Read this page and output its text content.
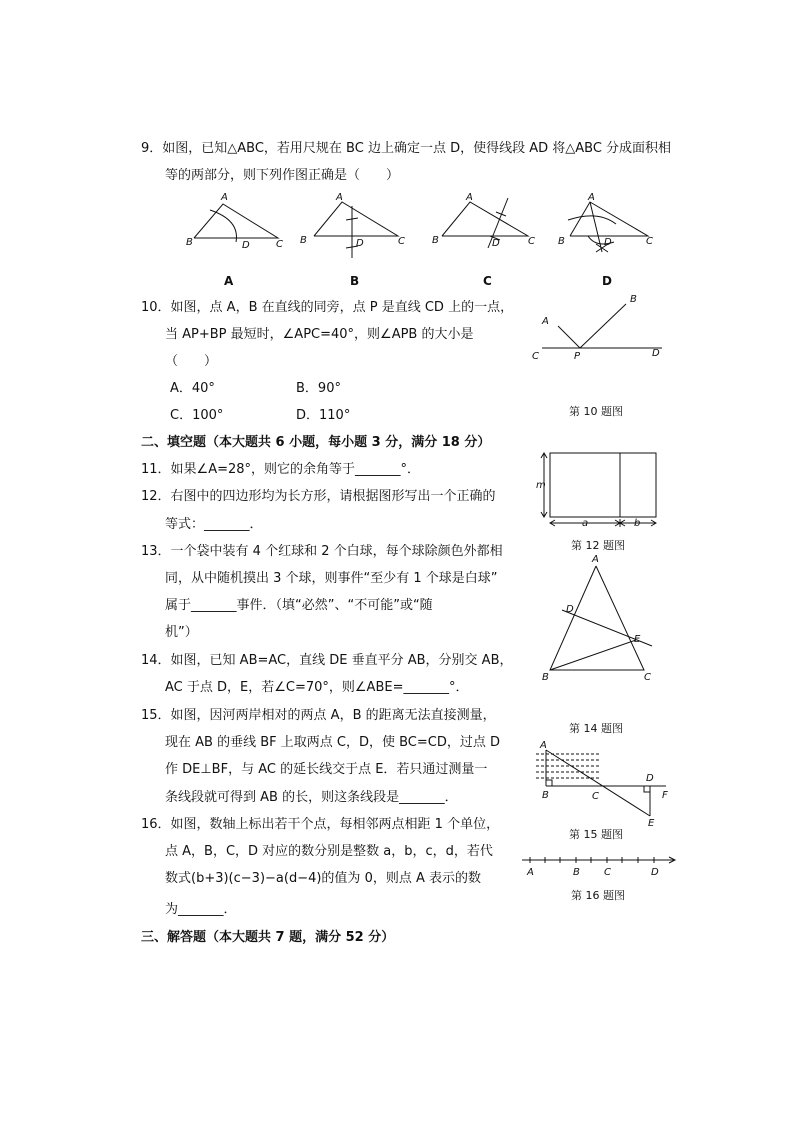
9．如图，已知△ABC，若用尺规在 BC 边上确定一点 D，使得线段 AD 将△ABC 分成面积相
等的两部分，则下列作图正确是（　　）
A
B	C
D
A
B	C
D
A
B	C
D
A
B	C
D
A	B	C	D
10．如图，点 A，B 在直线的同旁，点 P 是直线 CD 上的一点，
当 AP+BP 最短时，∠APC=40°，则∠APB 的大小是
（　　）
A．40°	B．90°
C．100°	D．110°
A
B
C	P	D
第 10 题图
二、填空题（本大题共 6 小题，每小题 3 分，满分 18 分）
11．如果∠A=28°，则它的余角等于_______°．
12．右图中的四边形均为长方形，请根据图形写出一个正确的
等式：_______．
m
a	b
第 12 题图
13．一个袋中装有 4 个红球和 2 个白球，每个球除颜色外都相
同，从中随机摸出 3 个球，则事件“至少有 1 个球是白球”
属于_______事件．（填“必然”、“不可能”或“随
机”）
14．如图，已知 AB=AC，直线 DE 垂直平分 AB，分别交 AB，
AC 于点 D，E，若∠C=70°，则∠ABE=_______°．
A
D
E
B	C
第 14 题图
15．如图，因河两岸相对的两点 A，B 的距离无法直接测量，
现在 AB 的垂线 BF 上取两点 C，D，使 BC=CD，过点 D
作 DE⊥BF，与 AC 的延长线交于点 E．若只通过测量一
条线段就可得到 AB 的长，则这条线段是_______．
A
B	C
D
F
E
第 15 题图
16．如图，数轴上标出若干个点，每相邻两点相距 1 个单位，
点 A，B，C，D 对应的数分别是整数 a，b，c，d，若代
数式(b+3)(c−3)−a(d−4)的值为 0，则点 A 表示的数
为_______．
A	B C	D
第 16 题图
三、解答题（本大题共 7 题，满分 52 分）
